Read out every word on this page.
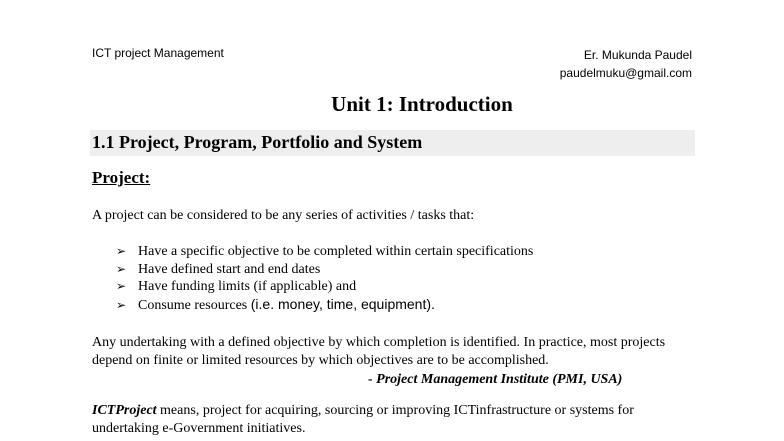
ICT project Management	Er. Mukunda Paudel
paudelmuku@gmail.com
Unit 1: Introduction
1.1 Project, Program, Portfolio and System
Project:
A project can be considered to be any series of activities / tasks that:
➢ Have a specific objective to be completed within certain specifications
➢ Have defined start and end dates
➢ Have funding limits (if applicable) and
➢ Consume resources (i.e. money, time, equipment).
Any undertaking with a defined objective by which completion is identified. In practice, most projects depend on finite or limited resources by which objectives are to be accomplished.
- Project Management Institute (PMI, USA)
ICTProject means, project for acquiring, sourcing or improving ICTinfrastructure or systems for undertaking e-Government initiatives.
